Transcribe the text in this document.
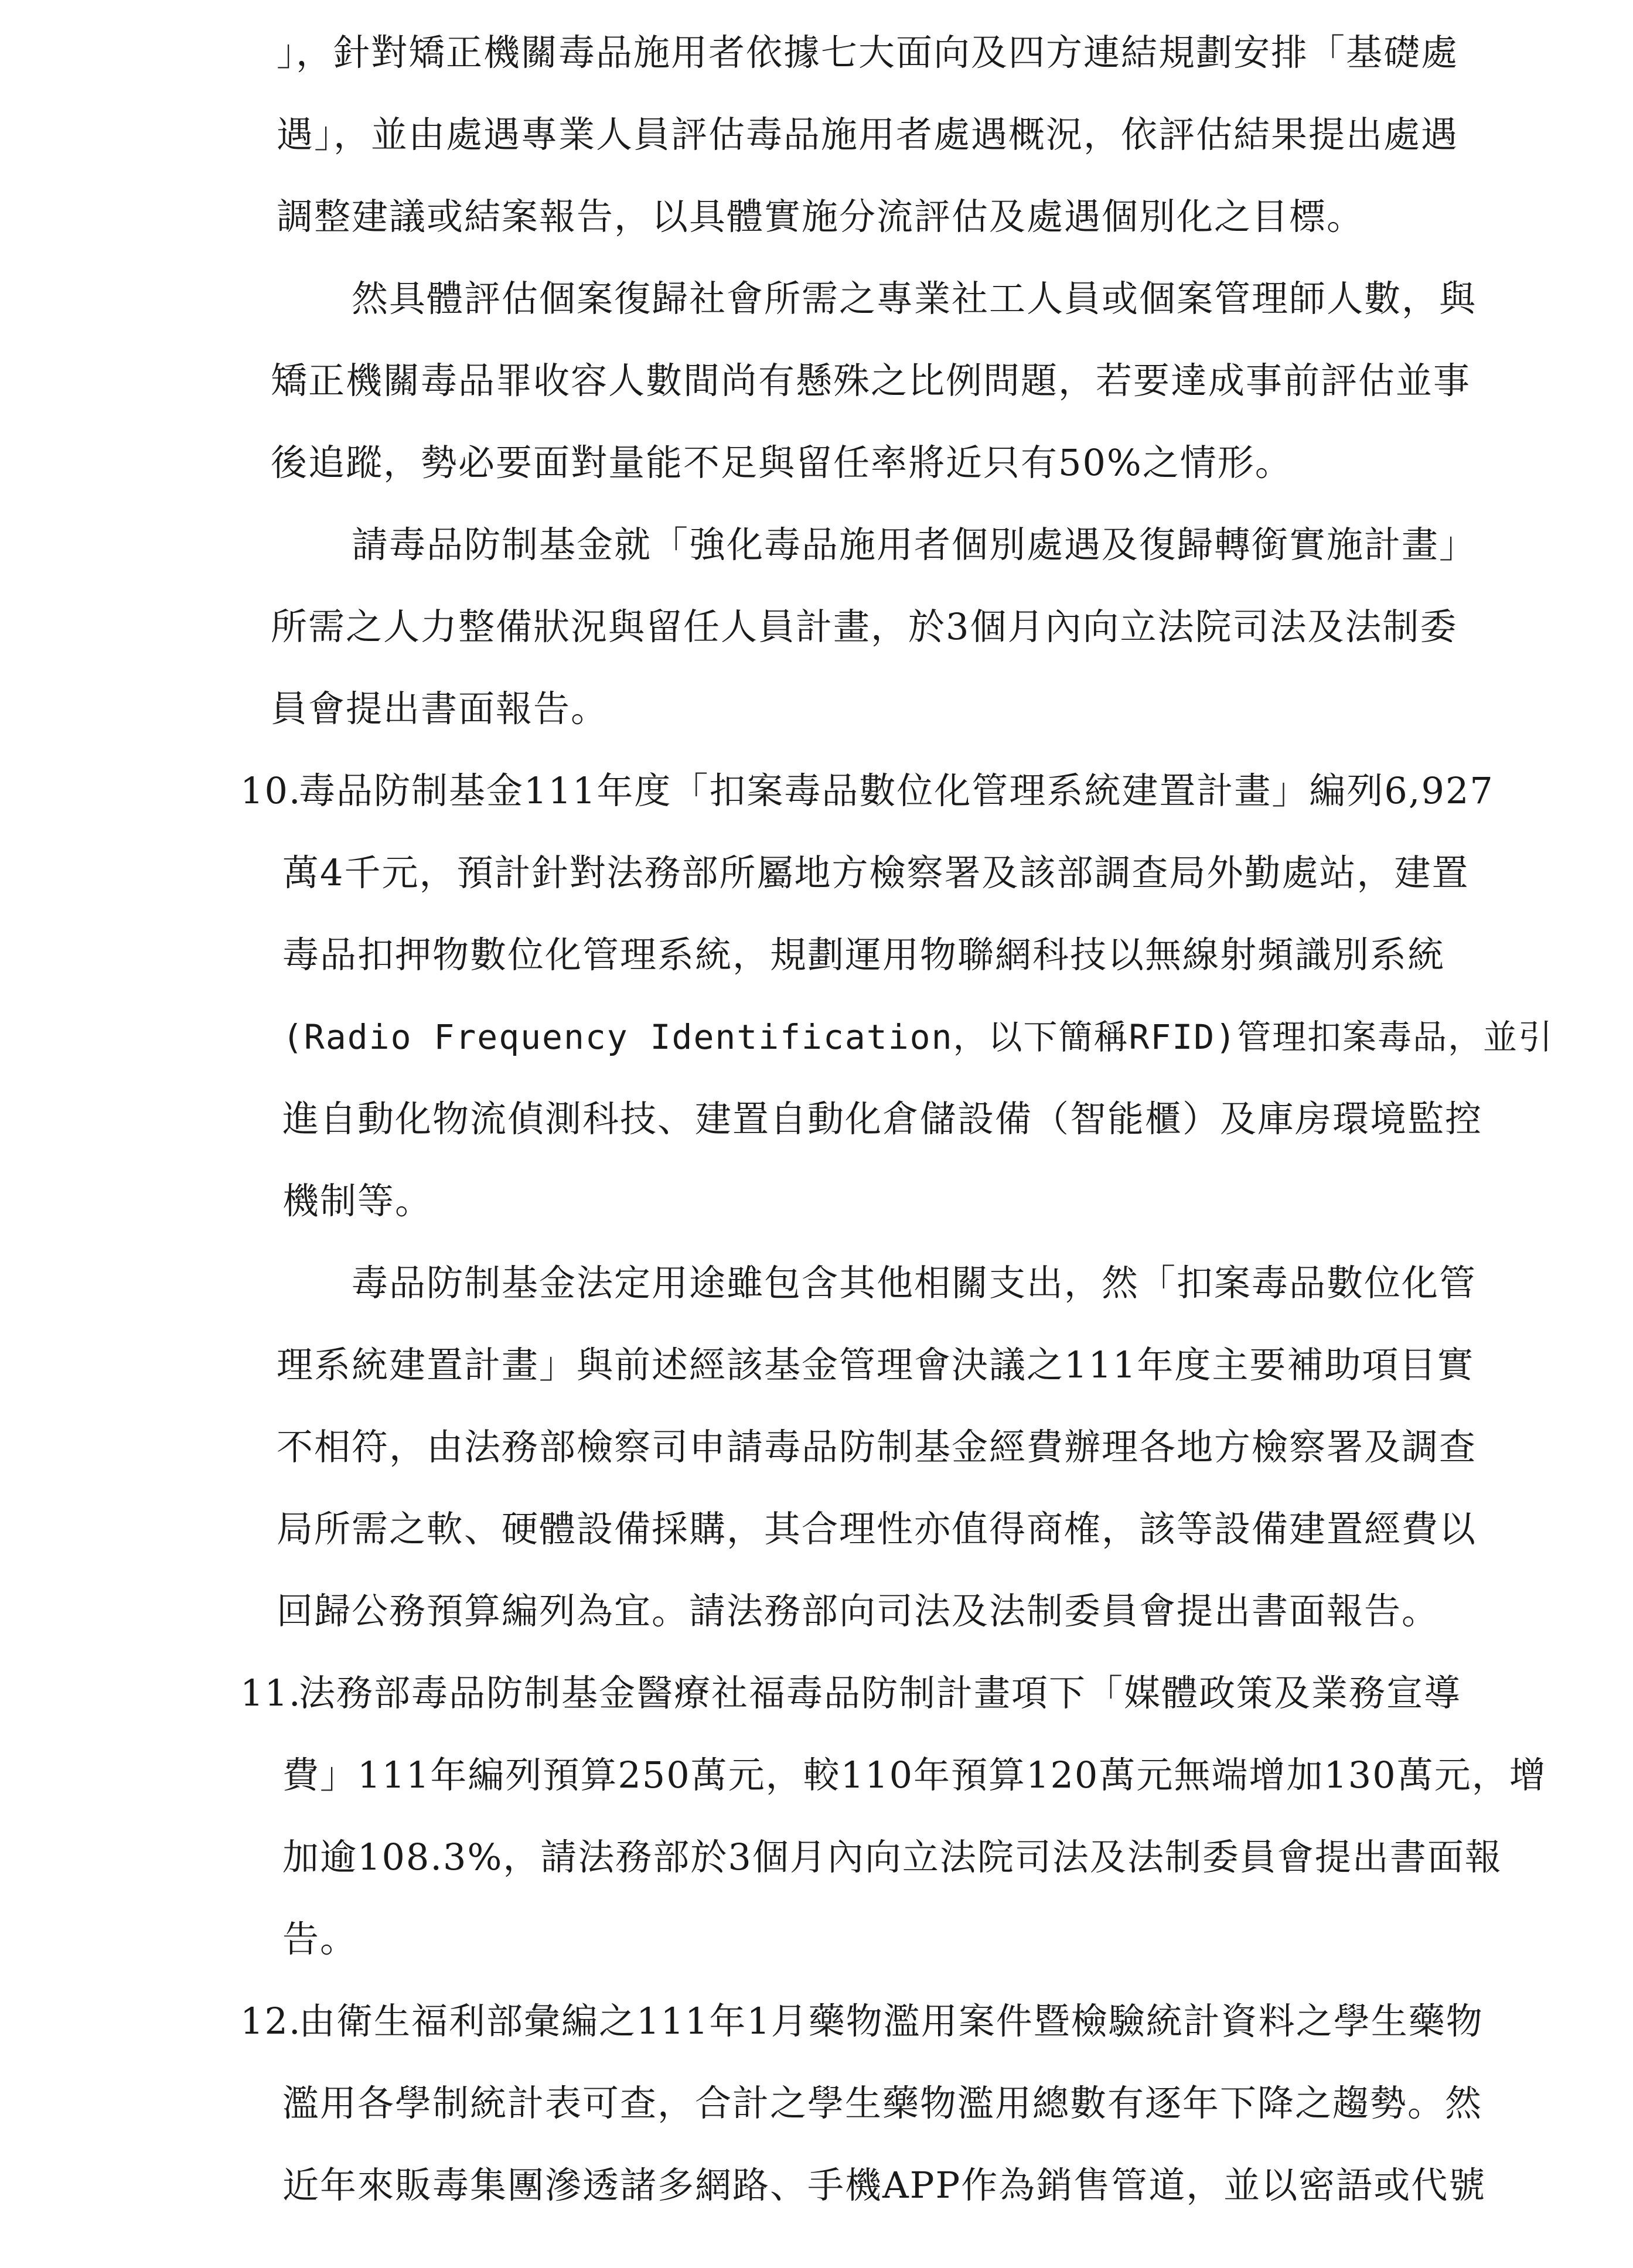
」，針對矯正機關毒品施用者依據七大面向及四方連結規劃安排「基礎處
遇」，並由處遇專業人員評估毒品施用者處遇概況，依評估結果提出處遇
調整建議或結案報告，以具體實施分流評估及處遇個別化之目標。
然具體評估個案復歸社會所需之專業社工人員或個案管理師人數，與
矯正機關毒品罪收容人數間尚有懸殊之比例問題，若要達成事前評估並事
後追蹤，勢必要面對量能不足與留任率將近只有50%之情形。
請毒品防制基金就「強化毒品施用者個別處遇及復歸轉銜實施計畫」
所需之人力整備狀況與留任人員計畫，於3個月內向立法院司法及法制委
員會提出書面報告。
10.
毒品防制基金111年度「扣案毒品數位化管理系統建置計畫」編列6,927
萬4千元，預計針對法務部所屬地方檢察署及該部調查局外勤處站，建置
毒品扣押物數位化管理系統，規劃運用物聯網科技以無線射頻識別系統
(Radio Frequency Identification，以下簡稱RFID)管理扣案毒品，並引
進自動化物流偵測科技、建置自動化倉儲設備（智能櫃）及庫房環境監控
機制等。
毒品防制基金法定用途雖包含其他相關支出，然「扣案毒品數位化管
理系統建置計畫」與前述經該基金管理會決議之111年度主要補助項目實
不相符，由法務部檢察司申請毒品防制基金經費辦理各地方檢察署及調查
局所需之軟、硬體設備採購，其合理性亦值得商榷，該等設備建置經費以
回歸公務預算編列為宜。請法務部向司法及法制委員會提出書面報告。
11.
法務部毒品防制基金醫療社福毒品防制計畫項下「媒體政策及業務宣導
費」111年編列預算250萬元，較110年預算120萬元無端增加130萬元，增
加逾108.3%，請法務部於3個月內向立法院司法及法制委員會提出書面報
告。
12.
由衛生福利部彙編之111年1月藥物濫用案件暨檢驗統計資料之學生藥物
濫用各學制統計表可查，合計之學生藥物濫用總數有逐年下降之趨勢。然
近年來販毒集團滲透諸多網路、手機APP作為銷售管道，並以密語或代號
